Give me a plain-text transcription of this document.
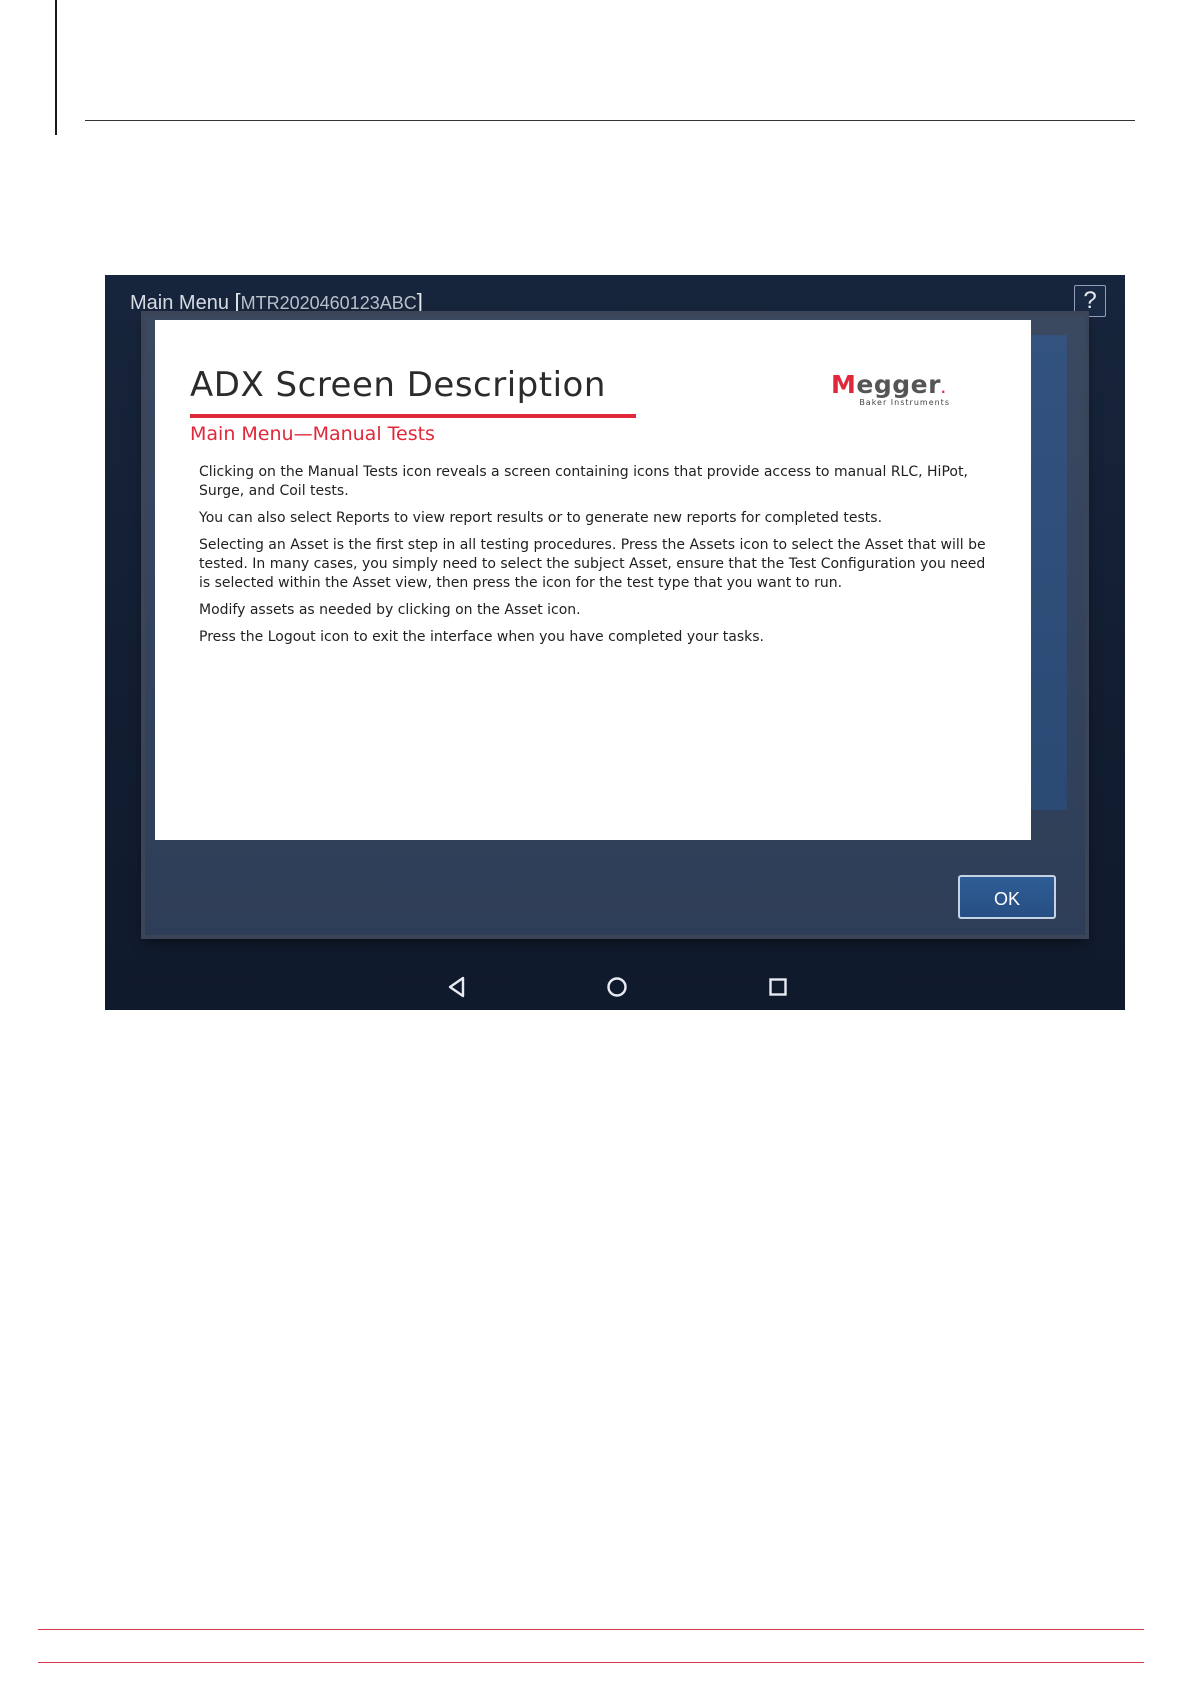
Main Menu [MTR2020460123ABC]	?
ADX Screen Description
Main Menu—Manual Tests
Megger.
Baker Instruments

Clicking on the Manual Tests icon reveals a screen containing icons that provide access to manual RLC, HiPot, Surge, and Coil tests.

You can also select Reports to view report results or to generate new reports for completed tests.

Selecting an Asset is the first step in all testing procedures. Press the Assets icon to select the Asset that will be tested. In many cases, you simply need to select the subject Asset, ensure that the Test Configuration you need is selected within the Asset view, then press the icon for the test type that you want to run.

Modify assets as needed by clicking on the Asset icon.

Press the Logout icon to exit the interface when you have completed your tasks.

OK
